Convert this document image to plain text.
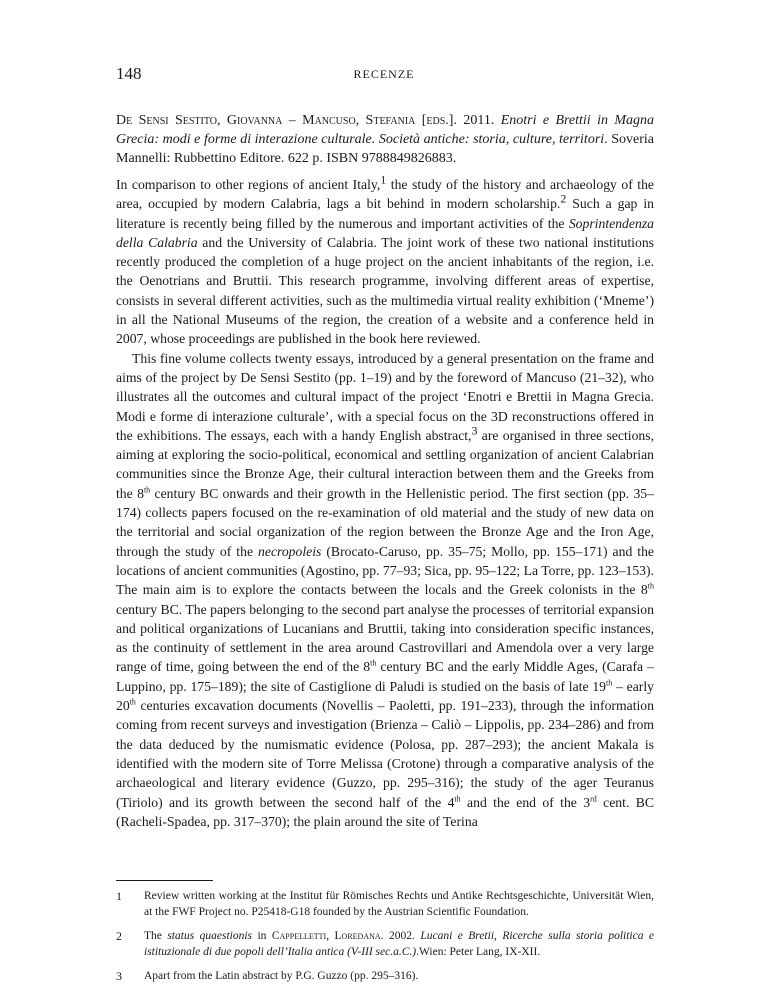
148	RECENZE
De Sensi Sestito, Giovanna – Mancuso, Stefania [eds.]. 2011. Enotri e Brettii in Magna Grecia: modi e forme di interazione culturale. Società antiche: storia, culture, territori. Soveria Mannelli: Rubbettino Editore. 622 p. ISBN 9788849826883.

In comparison to other regions of ancient Italy,$^1$ the study of the history and archaeology of the area, occupied by modern Calabria, lags a bit behind in modern scholarship.$^2$ Such a gap in literature is recently being filled by the numerous and important activities of the Soprintendenza della Calabria and the University of Calabria. The joint work of these two national institutions recently produced the completion of a huge project on the ancient inhabitants of the region, i.e. the Oenotrians and Bruttii. This research programme, involving different areas of expertise, consists in several different activities, such as the multimedia virtual reality exhibition (‘Mneme’) in all the National Museums of the region, the creation of a website and a conference held in 2007, whose proceedings are published in the book here reviewed.

This fine volume collects twenty essays, introduced by a general presentation on the frame and aims of the project by De Sensi Sestito (pp. 1–19) and by the foreword of Mancuso (21–32), who illustrates all the outcomes and cultural impact of the project ‘Enotri e Brettii in Magna Grecia. Modi e forme di interazione culturale’, with a special focus on the 3D reconstructions offered in the exhibitions. The essays, each with a handy English abstract,$^3$ are organised in three sections, aiming at exploring the socio-political, economical and settling organization of ancient Calabrian communities since the Bronze Age, their cultural interaction between them and the Greeks from the 8th century BC onwards and their growth in the Hellenistic period. The first section (pp. 35–174) collects papers focused on the re-examination of old material and the study of new data on the territorial and social organization of the region between the Bronze Age and the Iron Age, through the study of the necropoleis (Brocato-Caruso, pp. 35–75; Mollo, pp. 155–171) and the locations of ancient communities (Agostino, pp. 77–93; Sica, pp. 95–122; La Torre, pp. 123–153). The main aim is to explore the contacts between the locals and the Greek colonists in the 8th century BC. The papers belonging to the second part analyse the processes of territorial expansion and political organizations of Lucanians and Bruttii, taking into consideration specific instances, as the continuity of settlement in the area around Castrovillari and Amendola over a very large range of time, going between the end of the 8th century BC and the early Middle Ages, (Carafa – Luppino, pp. 175–189); the site of Castiglione di Paludi is studied on the basis of late 19th – early 20th centuries excavation documents (Novellis – Paoletti, pp. 191–233), through the information coming from recent surveys and investigation (Brienza – Caliò – Lippolis, pp. 234–286) and from the data deduced by the numismatic evidence (Polosa, pp. 287–293); the ancient Makala is identified with the modern site of Torre Melissa (Crotone) through a comparative analysis of the archaeological and literary evidence (Guzzo, pp. 295–316); the study of the ager Teuranus (Tiriolo) and its growth between the second half of the 4th and the end of the 3rd cent. BC (Racheli-Spadea, pp. 317–370); the plain around the site of Terina

1	Review written working at the Institut für Römisches Rechts und Antike Rechtsgeschichte, Universität Wien, at the FWF Project no. P25418-G18 founded by the Austrian Scientific Foundation.
2	The status quaestionis in Cappelletti, Loredana. 2002. Lucani e Bretii, Ricerche sulla storia politica e istituzionale di due popoli dell’Italia antica (V-III sec.a.C.).Wien: Peter Lang, IX-XII.
3	Apart from the Latin abstract by P.G. Guzzo (pp. 295–316).
